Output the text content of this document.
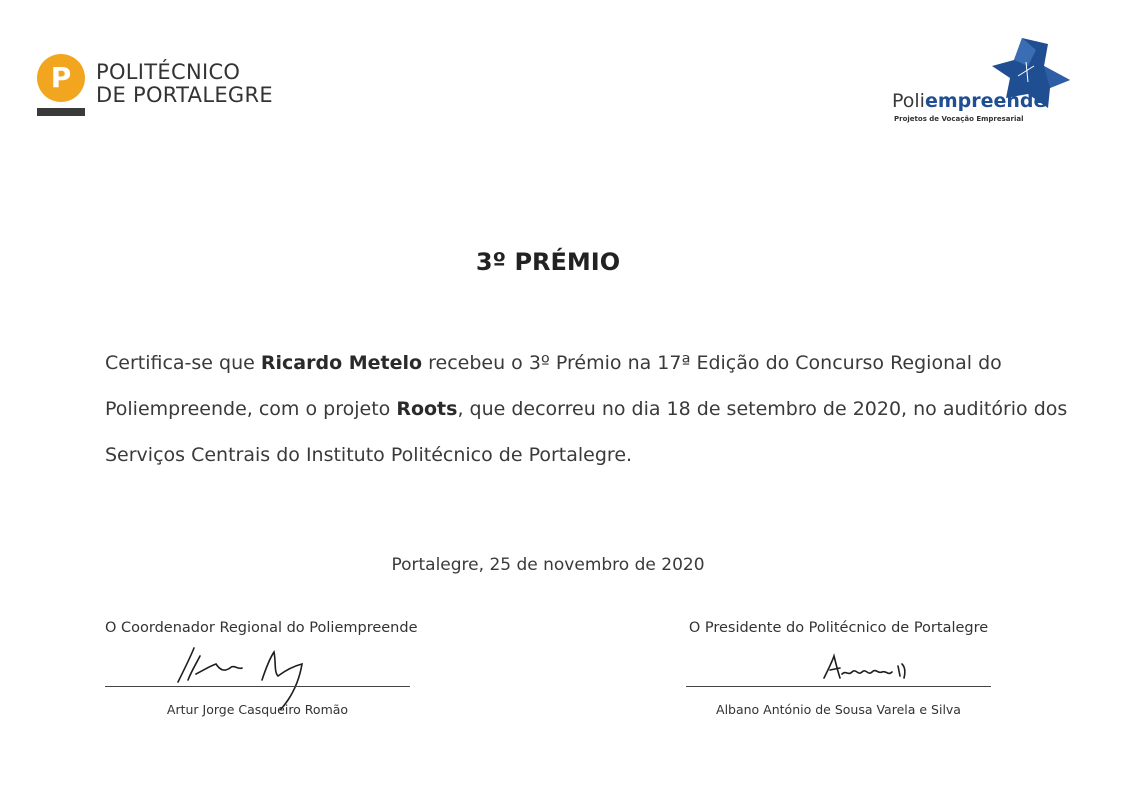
P	POLITÉCNICO
DE PORTALEGRE	Poliempreende
Projetos de Vocação Empresarial
3º PRÉMIO
Certifica-se que Ricardo Metelo recebeu o 3º Prémio na 17ª Edição do Concurso Regional do
Poliempreende, com o projeto Roots, que decorreu no dia 18 de setembro de 2020, no auditório dos
Serviços Centrais do Instituto Politécnico de Portalegre.
Portalegre, 25 de novembro de 2020
O Coordenador Regional do Poliempreende
Artur Jorge Casqueiro Romão
O Presidente do Politécnico de Portalegre
Albano António de Sousa Varela e Silva
